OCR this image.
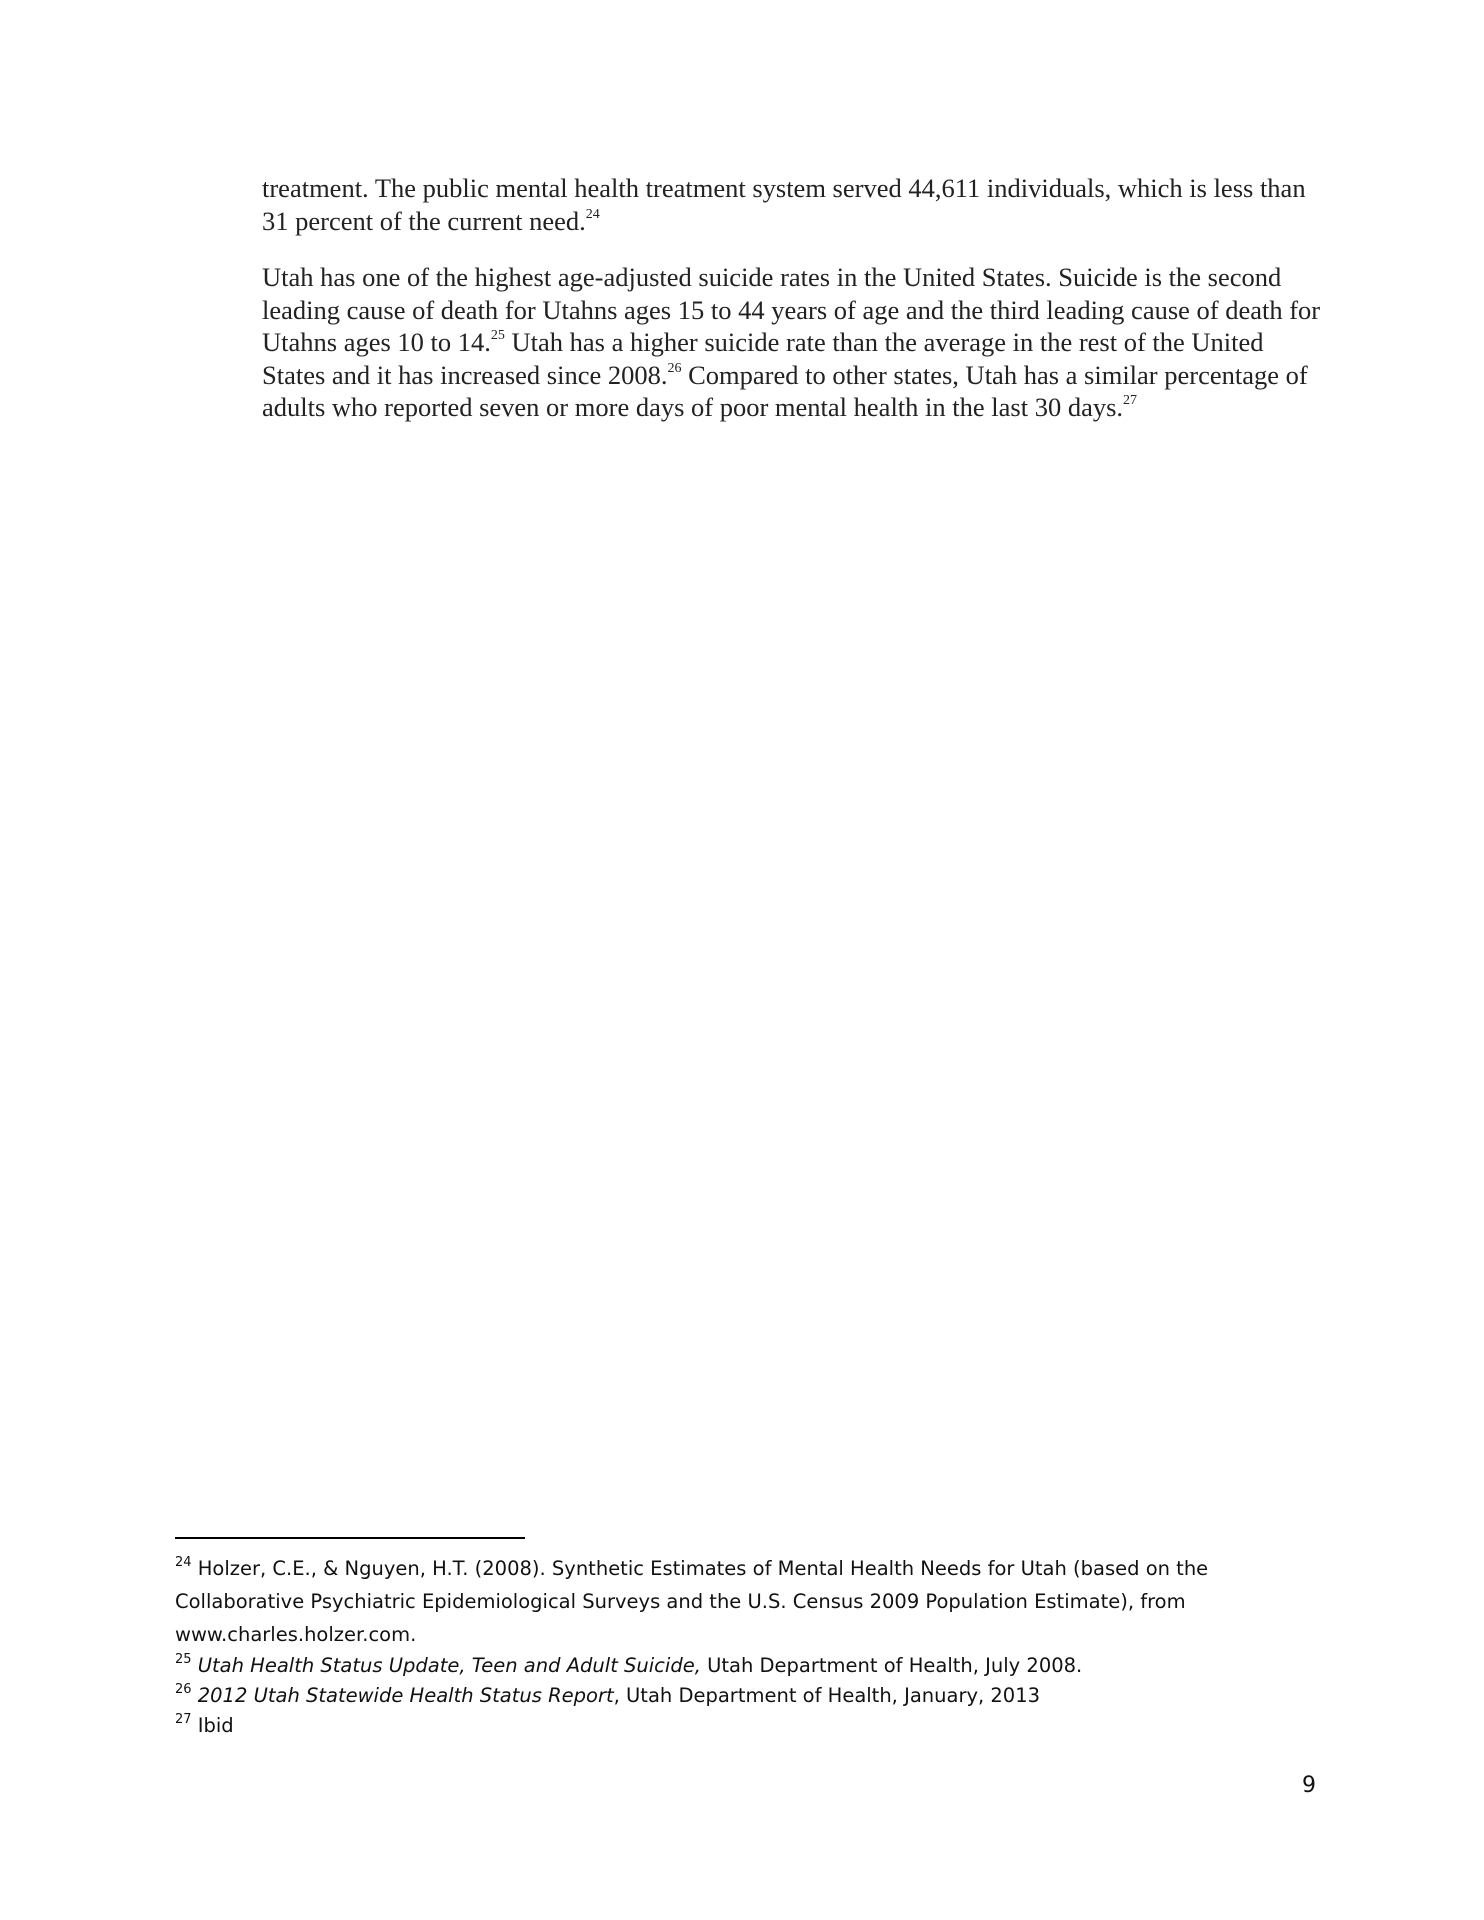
treatment. The public mental health treatment system served 44,611 individuals, which is less than 31 percent of the current need.$^{24}$

Utah has one of the highest age-adjusted suicide rates in the United States. Suicide is the second leading cause of death for Utahns ages 15 to 44 years of age and the third leading cause of death for Utahns ages 10 to 14.25 Utah has a higher suicide rate than the average in the rest of the United States and it has increased since 2008.26 Compared to other states, Utah has a similar percentage of adults who reported seven or more days of poor mental health in the last 30 days.$^{27}$

$^{24}$ Holzer, C.E., & Nguyen, H.T. (2008). Synthetic Estimates of Mental Health Needs for Utah (based on the Collaborative Psychiatric Epidemiological Surveys and the U.S. Census 2009 Population Estimate), from www.charles.holzer.com.

$^{25}$ Utah Health Status Update, Teen and Adult Suicide, Utah Department of Health, July 2008.

$^{26}$ 2012 Utah Statewide Health Status Report, Utah Department of Health, January, 2013

$^{27}$ Ibid

9
